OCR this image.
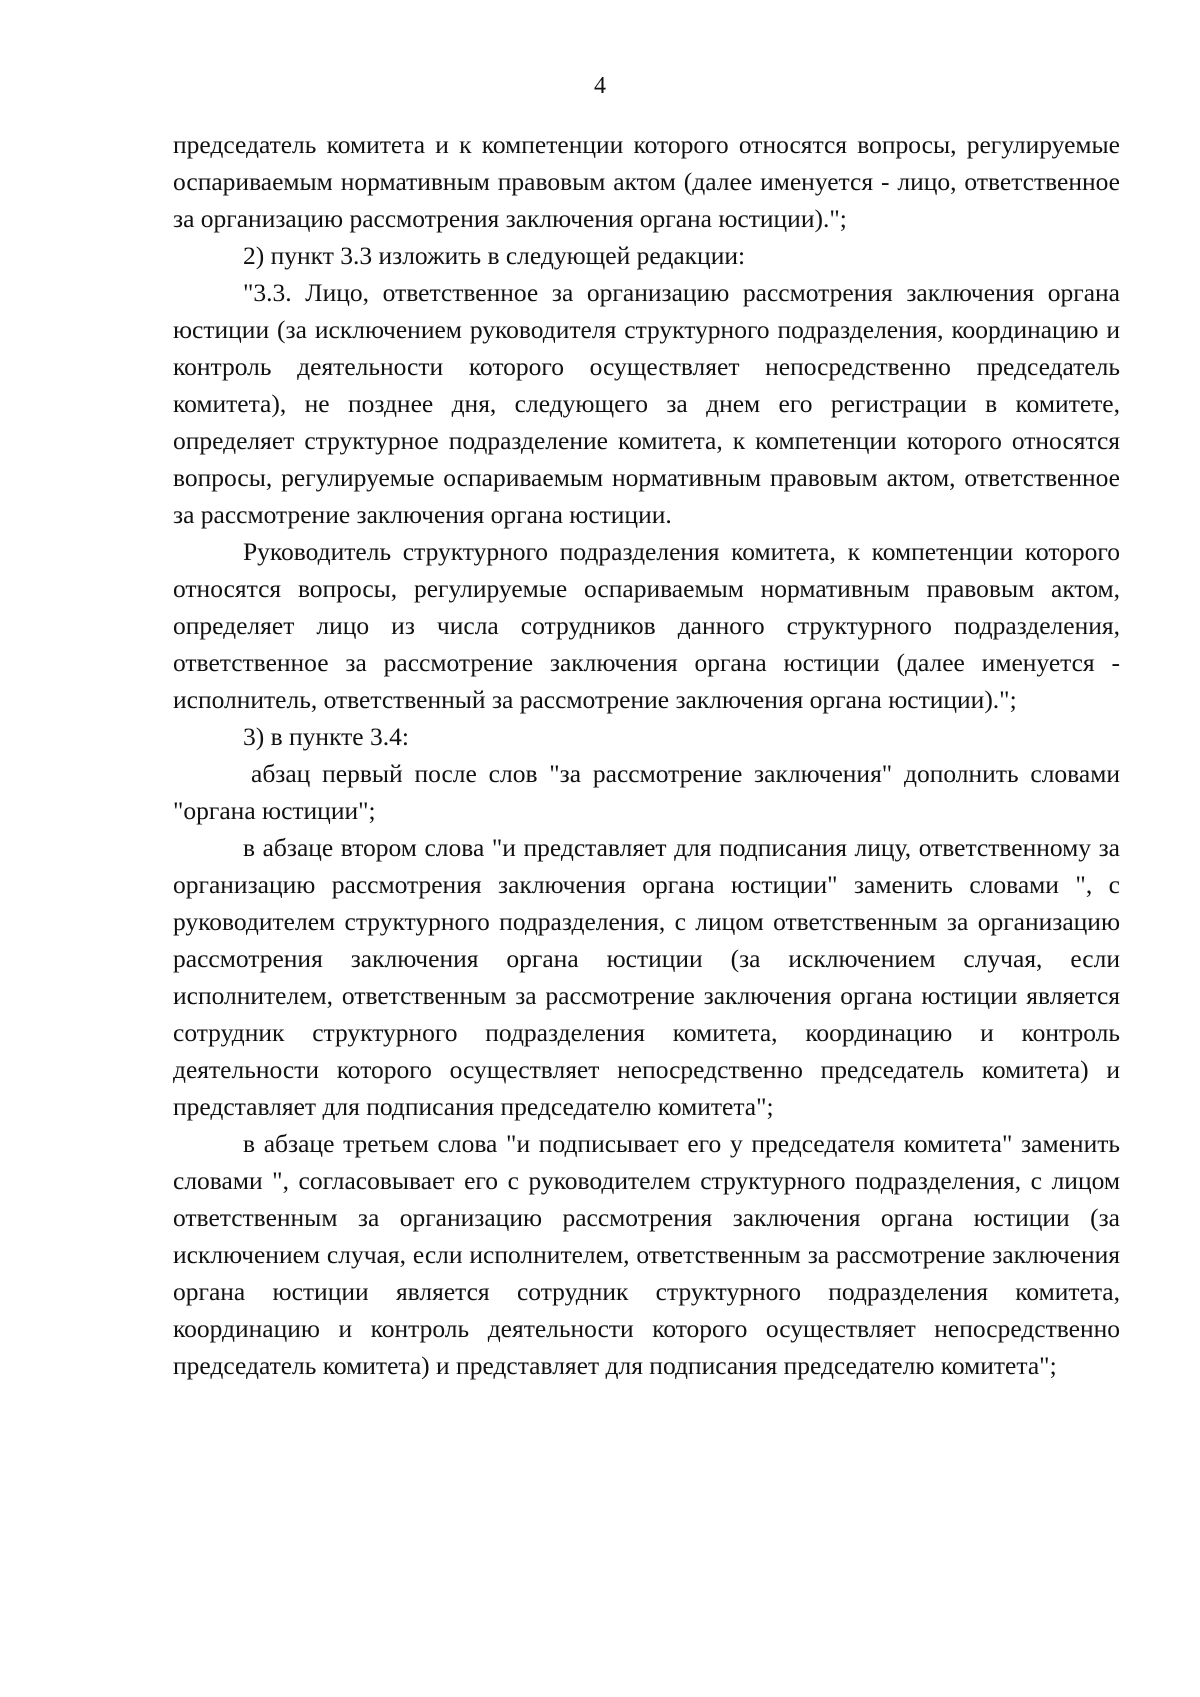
4

председатель комитета и к компетенции которого относятся вопросы, регулируемые оспариваемым нормативным правовым актом (далее именуется - лицо, ответственное за организацию рассмотрения заключения органа юстиции).";

2) пункт 3.3 изложить в следующей редакции:

"3.3. Лицо, ответственное за организацию рассмотрения заключения органа юстиции (за исключением руководителя структурного подразделения, координацию и контроль деятельности которого осуществляет непосредственно председатель комитета), не позднее дня, следующего за днем его регистрации в комитете, определяет структурное подразделение комитета, к компетенции которого относятся вопросы, регулируемые оспариваемым нормативным правовым актом, ответственное за рассмотрение заключения органа юстиции.

Руководитель структурного подразделения комитета, к компетенции которого относятся вопросы, регулируемые оспариваемым нормативным правовым актом, определяет лицо из числа сотрудников данного структурного подразделения, ответственное за рассмотрение заключения органа юстиции (далее именуется - исполнитель, ответственный за рассмотрение заключения органа юстиции).";

3) в пункте 3.4:

абзац первый после слов "за рассмотрение заключения" дополнить словами "органа юстиции";

в абзаце втором слова "и представляет для подписания лицу, ответственному за организацию рассмотрения заключения органа юстиции" заменить словами ", с руководителем структурного подразделения, с лицом ответственным за организацию рассмотрения заключения органа юстиции (за исключением случая, если исполнителем, ответственным за рассмотрение заключения органа юстиции является сотрудник структурного подразделения комитета, координацию и контроль деятельности которого осуществляет непосредственно председатель комитета) и представляет для подписания председателю комитета";

в абзаце третьем слова "и подписывает его у председателя комитета" заменить словами ", согласовывает его с руководителем структурного подразделения, с лицом ответственным за организацию рассмотрения заключения органа юстиции (за исключением случая, если исполнителем, ответственным за рассмотрение заключения органа юстиции является сотрудник структурного подразделения комитета, координацию и контроль деятельности которого осуществляет непосредственно председатель комитета) и представляет для подписания председателю комитета";
